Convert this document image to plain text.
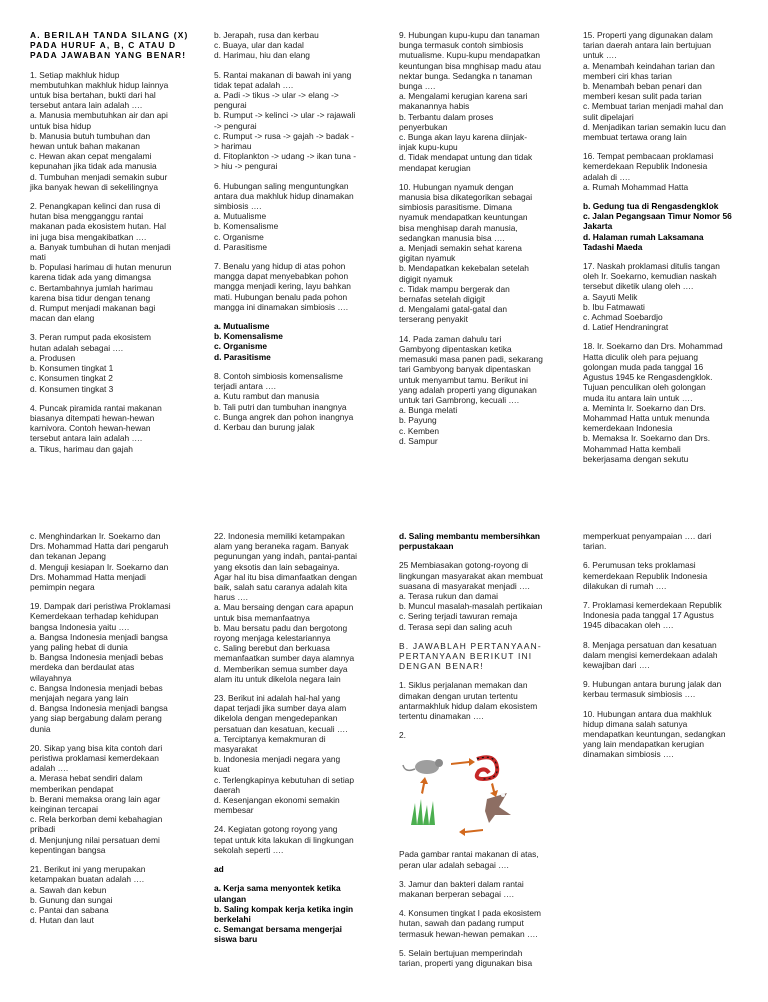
A. BERILAH TANDA SILANG (X)
PADA HURUF A, B, C ATAU D
PADA JAWABAN YANG BENAR!

1. Setiap makhluk hidup
membutuhkan makhluk hidup lainnya
untuk bisa bertahan, bukti dari hal
tersebut antara lain adalah ….
a. Manusia membutuhkan air dan api
untuk bisa hidup
b. Manusia butuh tumbuhan dan
hewan untuk bahan makanan
c. Hewan akan cepat mengalami
kepunahan jika tidak ada manusia
d. Tumbuhan menjadi semakin subur
jika banyak hewan di sekelilingnya

2. Penangkapan kelinci dan rusa di
hutan bisa mengganggu rantai
makanan pada ekosistem hutan. Hal
ini juga bisa mengakibatkan ….
a. Banyak tumbuhan di hutan menjadi
mati
b. Populasi harimau di hutan menurun
karena tidak ada yang dimangsa
c. Bertambahnya jumlah harimau
karena bisa tidur dengan tenang
d. Rumput menjadi makanan bagi
macan dan elang

3. Peran rumput pada ekosistem
hutan adalah sebagai ….
a. Produsen
b. Konsumen tingkat 1
c. Konsumen tingkat 2
d. Konsumen tingkat 3

4. Puncak piramida rantai makanan
biasanya ditempati hewan-hewan
karnivora. Contoh hewan-hewan
tersebut antara lain adalah ….
a. Tikus, harimau dan gajah

b. Jerapah, rusa dan kerbau
c. Buaya, ular dan kadal
d. Harimau, hiu dan elang

5. Rantai makanan di bawah ini yang
tidak tepat adalah ….
a. Padi -> tikus -> ular -> elang ->
pengurai
b. Rumput -> kelinci -> ular -> rajawali
-> pengurai
c. Rumput -> rusa -> gajah -> badak -
> harimau
d. Fitoplankton -> udang -> ikan tuna -
> hiu -> pengurai

6. Hubungan saling menguntungkan
antara dua makhluk hidup dinamakan
simbiosis ….
a. Mutualisme
b. Komensalisme
c. Organisme
d. Parasitisme

7. Benalu yang hidup di atas pohon
mangga dapat menyebabkan pohon
mangga menjadi kering, layu bahkan
mati. Hubungan benalu pada pohon
mangga ini dinamakan simbiosis ….

a. Mutualisme
b. Komensalisme
c. Organisme
d. Parasitisme

8. Contoh simbiosis komensalisme
terjadi antara ….
a. Kutu rambut dan manusia
b. Tali putri dan tumbuhan inangnya
c. Bunga angrek dan pohon inangnya
d. Kerbau dan burung jalak

9. Hubungan kupu-kupu dan tanaman
bunga termasuk contoh simbiosis
mutualisme. Kupu-kupu mendapatkan
keuntungan bisa mnghisap madu atau
nektar bunga. Sedangka n tanaman
bunga ….
a. Mengalami kerugian karena sari
makanannya habis
b. Terbantu dalam proses
penyerbukan
c. Bunga akan layu karena diinjak-
injak kupu-kupu
d. Tidak mendapat untung dan tidak
mendapat kerugian

10. Hubungan nyamuk dengan
manusia bisa dikategorikan sebagai
simbiosis parasitisme. Dimana
nyamuk mendapatkan keuntungan
bisa menghisap darah manusia,
sedangkan manusia bisa ….
a. Menjadi semakin sehat karena
gigitan nyamuk
b. Mendapatkan kekebalan setelah
digigit nyamuk
c. Tidak mampu bergerak dan
bernafas setelah digigit
d. Mengalami gatal-gatal dan
terserang penyakit

14. Pada zaman dahulu tari
Gambyong dipentaskan ketika
memasuki masa panen padi, sekarang
tari Gambyong banyak dipentaskan
untuk menyambut tamu. Berikut ini
yang adalah properti yang digunakan
untuk tari Gambrong, kecuali ….
a. Bunga melati
b. Payung
c. Kemben
d. Sampur

15. Properti yang digunakan dalam
tarian daerah antara lain bertujuan
untuk ….
a. Menambah keindahan tarian dan
memberi ciri khas tarian
b. Menambah beban penari dan
memberi kesan sulit pada tarian
c. Membuat tarian menjadi mahal dan
sulit dipelajari
d. Menjadikan tarian semakin lucu dan
membuat tertawa orang lain

16. Tempat pembacaan proklamasi
kemerdekaan Republik Indonesia
adalah di ….
a. Rumah Mohammad Hatta

b. Gedung tua di Rengasdengklok
c. Jalan Pegangsaan Timur Nomor 56
Jakarta
d. Halaman rumah Laksamana
Tadashi Maeda

17. Naskah proklamasi ditulis tangan
oleh Ir. Soekarno, kemudian naskah
tersebut diketik ulang oleh ….
a. Sayuti Melik
b. Ibu Fatmawati
c. Achmad Soebardjo
d. Latief Hendraningrat

18. Ir. Soekarno dan Drs. Mohammad
Hatta diculik oleh para pejuang
golongan muda pada tanggal 16
Agustus 1945 ke Rengasdengklok.
Tujuan penculikan oleh golongan
muda itu antara lain untuk ….
a. Meminta Ir. Soekarno dan Drs.
Mohammad Hatta untuk menunda
kemerdekaan Indonesia
b. Memaksa Ir. Soekarno dan Drs.
Mohammad Hatta kembali
bekerjasama dengan sekutu

c. Menghindarkan Ir. Soekarno dan
Drs. Mohammad Hatta dari pengaruh
dan tekanan Jepang
d. Menguji kesiapan Ir. Soekarno dan
Drs. Mohammad Hatta menjadi
pemimpin negara

19. Dampak dari peristiwa Proklamasi
Kemerdekaan terhadap kehidupan
bangsa Indonesia yaitu ….
a. Bangsa Indonesia menjadi bangsa
yang paling hebat di dunia
b. Bangsa Indonesia menjadi bebas
merdeka dan berdaulat atas
wilayahnya
c. Bangsa Indonesia menjadi bebas
menjajah negara yang lain
d. Bangsa Indonesia menjadi bangsa
yang siap bergabung dalam perang
dunia

20. Sikap yang bisa kita contoh dari
peristiwa proklamasi kemerdekaan
adalah ….
a. Merasa hebat sendiri dalam
memberikan pendapat
b. Berani memaksa orang lain agar
keinginan tercapai
c. Rela berkorban demi kebahagian
pribadi
d. Menjunjung nilai persatuan demi
kepentingan bangsa

21. Berikut ini yang merupakan
ketampakan buatan adalah ….
a. Sawah dan kebun
b. Gunung dan sungai
c. Pantai dan sabana
d. Hutan dan laut

22. Indonesia memiliki ketampakan
alam yang beraneka ragam. Banyak
pegunungan yang indah, pantai-pantai
yang eksotis dan lain sebagainya.
Agar hal itu bisa dimanfaatkan dengan
baik, salah satu caranya adalah kita
harus ….
a. Mau bersaing dengan cara apapun
untuk bisa memanfaatnya
b. Mau bersatu padu dan bergotong
royong menjaga kelestariannya
c. Saling berebut dan berkuasa
memanfaatkan sumber daya alamnya
d. Memberikan semua sumber daya
alam itu untuk dikelola negara lain

23. Berikut ini adalah hal-hal yang
dapat terjadi jika sumber daya alam
dikelola dengan mengedepankan
persatuan dan kesatuan, kecuali ….
a. Terciptanya kemakmuran di
masyarakat
b. Indonesia menjadi negara yang
kuat
c. Terlengkapinya kebutuhan di setiap
daerah
d. Kesenjangan ekonomi semakin
membesar

24. Kegiatan gotong royong yang
tepat untuk kita lakukan di lingkungan
sekolah seperti ….

ad

a. Kerja sama menyontek ketika
ulangan
b. Saling kompak kerja ketika ingin
berkelahi
c. Semangat bersama mengerjai
siswa baru

d. Saling membantu membersihkan
perpustakaan

25 Membiasakan gotong-royong di
lingkungan masyarakat akan membuat
suasana di masyarakat menjadi ….
a. Terasa rukun dan damai
b. Muncul masalah-masalah pertikaian
c. Sering terjadi tawuran remaja
d. Terasa sepi dan saling acuh

B. JAWABLAH PERTANYAAN-
PERTANYAAN BERIKUT INI
DENGAN BENAR!

1. Siklus perjalanan memakan dan
dimakan dengan urutan tertentu
antarmakhluk hidup dalam ekosistem
tertentu dinamakan ….

2.

Pada gambar rantai makanan di atas,
peran ular adalah sebagai ….

3. Jamur dan bakteri dalam rantai
makanan berperan sebagai ….

4. Konsumen tingkat I pada ekosistem
hutan, sawah dan padang rumput
termasuk hewan-hewan pemakan ….

5. Selain bertujuan memperindah
tarian, properti yang digunakan bisa

memperkuat penyampaian …. dari
tarian.

6. Perumusan teks proklamasi
kemerdekaan Republik Indonesia
dilakukan di rumah ….

7. Proklamasi kemerdekaan Republik
Indonesia pada tanggal 17 Agustus
1945 dibacakan oleh ….

8. Menjaga persatuan dan kesatuan
dalam mengisi kemerdekaan adalah
kewajiban dari ….

9. Hubungan antara burung jalak dan
kerbau termasuk simbiosis ….

10. Hubungan antara dua makhluk
hidup dimana salah satunya
mendapatkan keuntungan, sedangkan
yang lain mendapatkan kerugian
dinamakan simbiosis ….
